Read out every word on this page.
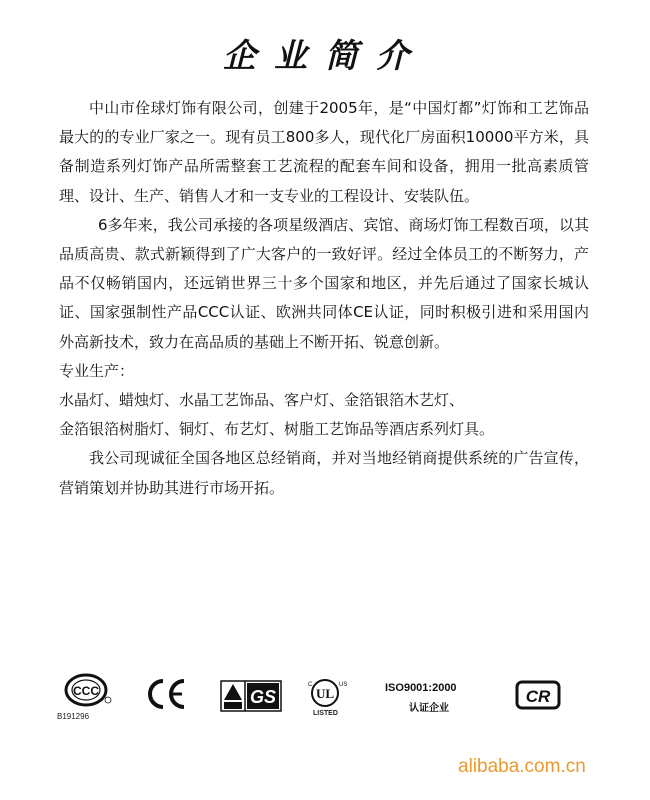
企业简介

中山市佺球灯饰有限公司，创建于2005年，是“中国灯都”灯饰和工艺饰品最大的的专业厂家之一。现有员工800多人，现代化厂房面积10000平方米，具备制造系列灯饰产品所需整套工艺流程的配套车间和设备，拥用一批高素质管理、设计、生产、销售人才和一支专业的工程设计、安装队伍。

6多年来，我公司承接的各项星级酒店、宾馆、商场灯饰工程数百项，以其品质高贵、款式新颖得到了广大客户的一致好评。经过全体员工的不断努力，产品不仅畅销国内，还远销世界三十多个国家和地区，并先后通过了国家长城认证、国家强制性产品CCC认证、欧洲共同体CE认证，同时积极引进和采用国内外高新技术，致力在高品质的基础上不断开拓、锐意创新。

专业生产：

水晶灯、蜡烛灯、水晶工艺饰品、客户灯、金箔银箔木艺灯、

金箔银箔树脂灯、铜灯、布艺灯、树脂工艺饰品等酒店系列灯具。

我公司现诚征全国各地区总经销商，并对当地经销商提供系统的广告宣传，营销策划并协助其进行市场开拓。

CCC
B191296
GS	UL
C	US
LISTED
ISO9001:2000
认证企业
CR
alibaba.com.cn
